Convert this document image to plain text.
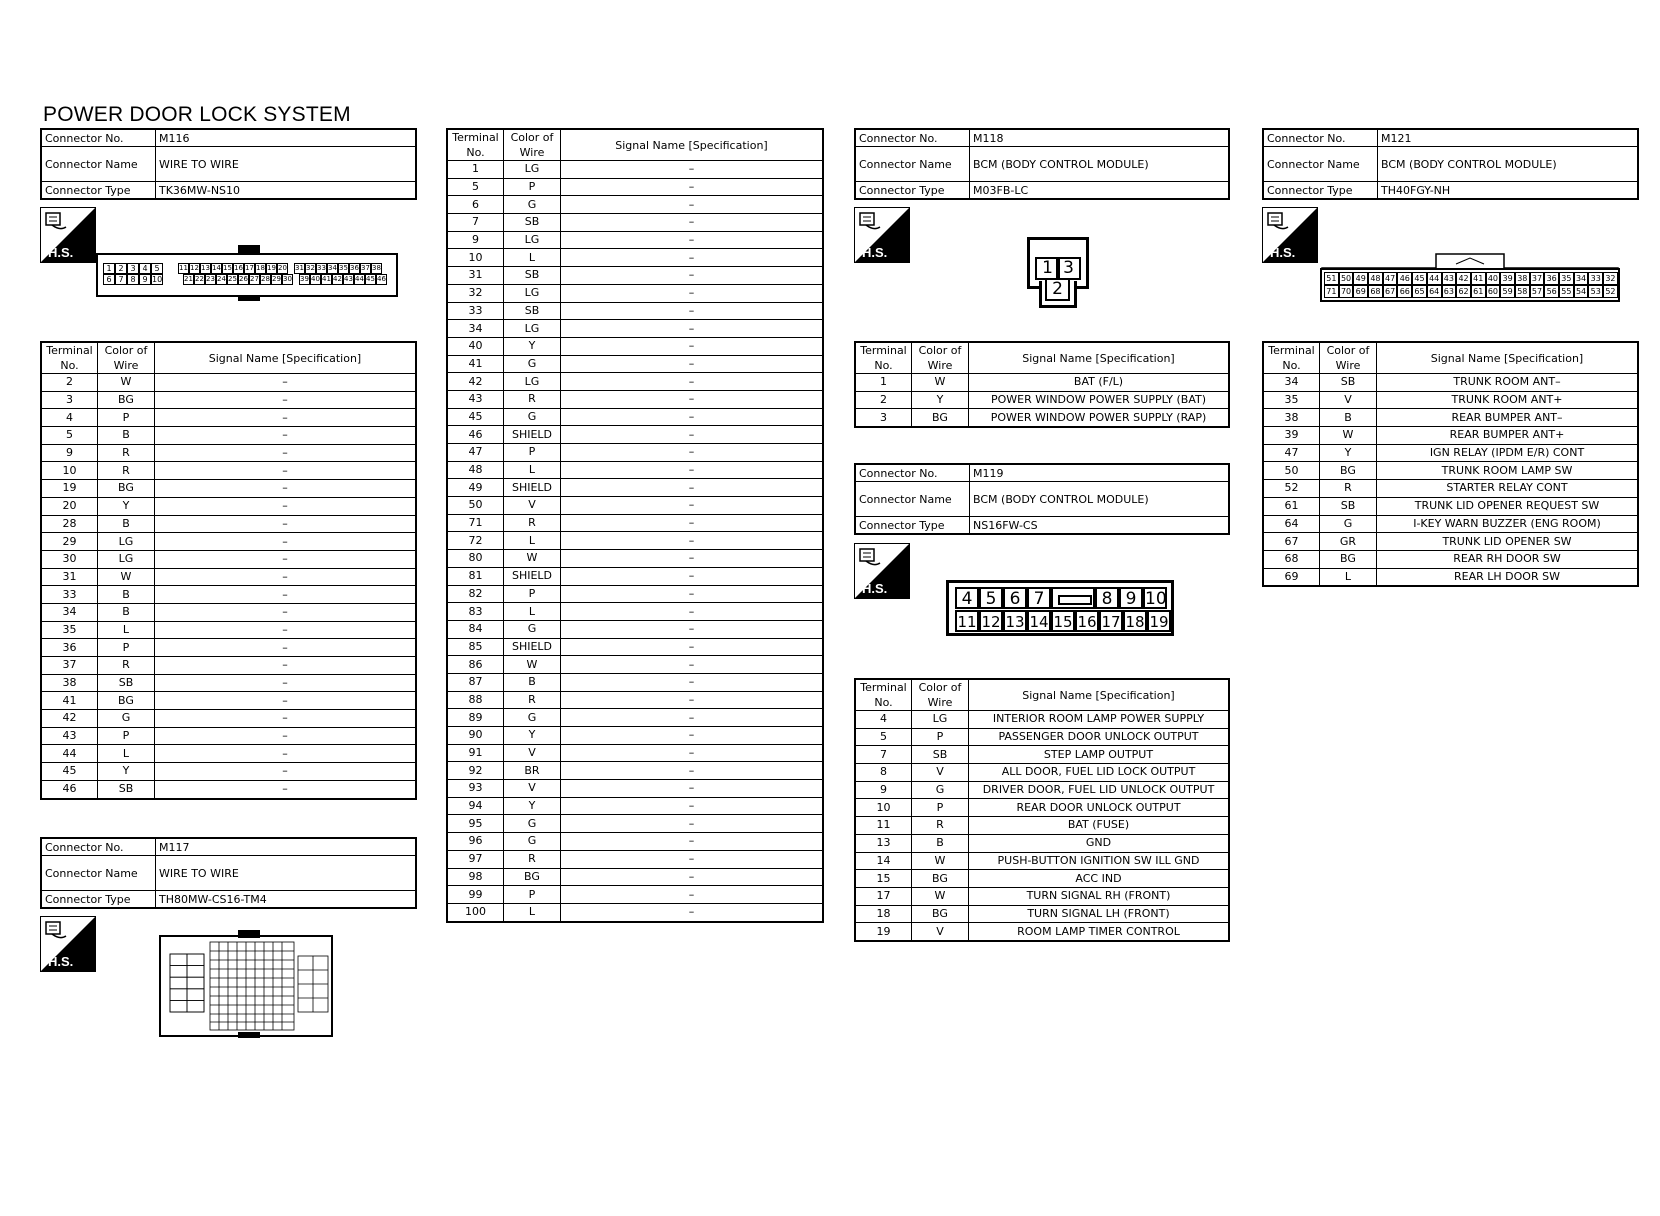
POWER DOOR LOCK SYSTEM
Connector No.	M116
Connector Name	WIRE TO WIRE
Connector Type	TK36MW-NS10
H.S.
1 2 3 4 5
6 7 8 9 10
11 12 13 14 15 16 17 18 19 20
21 22 23 24 25 26 27 28 29 30
31 32 33 34 35 36 37 38
39 40 41 42 43 44 45 46
Terminal No.	Color of Wire	Signal Name [Specification]
2	W	–
3	BG	–
4	P	–
5	B	–
9	R	–
10	R	–
19	BG	–
20	Y	–
28	B	–
29	LG	–
30	LG	–
31	W	–
33	B	–
34	B	–
35	L	–
36	P	–
37	R	–
38	SB	–
41	BG	–
42	G	–
43	P	–
44	L	–
45	Y	–
46	SB	–
Connector No.	M117
Connector Name	WIRE TO WIRE
Connector Type	TH80MW-CS16-TM4
H.S.
Terminal No.	Color of Wire	Signal Name [Specification]
1	LG	–
5	P	–
6	G	–
7	SB	–
9	LG	–
10	L	–
31	SB	–
32	LG	–
33	SB	–
34	LG	–
40	Y	–
41	G	–
42	LG	–
43	R	–
45	G	–
46	SHIELD	–
47	P	–
48	L	–
49	SHIELD	–
50	V	–
71	R	–
72	L	–
80	W	–
81	SHIELD	–
82	P	–
83	L	–
84	G	–
85	SHIELD	–
86	W	–
87	B	–
88	R	–
89	G	–
90	Y	–
91	V	–
92	BR	–
93	V	–
94	Y	–
95	G	–
96	G	–
97	R	–
98	BG	–
99	P	–
100	L	–
Connector No.	M118
Connector Name	BCM (BODY CONTROL MODULE)
Connector Type	M03FB-LC
H.S.
1 3
2
Terminal No.	Color of Wire	Signal Name [Specification]
1	W	BAT (F/L)
2	Y	POWER WINDOW POWER SUPPLY (BAT)
3	BG	POWER WINDOW POWER SUPPLY (RAP)
Connector No.	M119
Connector Name	BCM (BODY CONTROL MODULE)
Connector Type	NS16FW-CS
H.S.
4 5 6 7	8 9 10
11 12 13 14 15 16 17 18 19
Terminal No.	Color of Wire	Signal Name [Specification]
4	LG	INTERIOR ROOM LAMP POWER SUPPLY
5	P	PASSENGER DOOR UNLOCK OUTPUT
7	SB	STEP LAMP OUTPUT
8	V	ALL DOOR, FUEL LID LOCK OUTPUT
9	G	DRIVER DOOR, FUEL LID UNLOCK OUTPUT
10	P	REAR DOOR UNLOCK OUTPUT
11	R	BAT (FUSE)
13	B	GND
14	W	PUSH-BUTTON IGNITION SW ILL GND
15	BG	ACC IND
17	W	TURN SIGNAL RH (FRONT)
18	BG	TURN SIGNAL LH (FRONT)
19	V	ROOM LAMP TIMER CONTROL
Connector No.	M121
Connector Name	BCM (BODY CONTROL MODULE)
Connector Type	TH40FGY-NH
H.S.
51 50 49 48 47 46 45 44 43 42 41 40 39 38 37 36 35 34 33 32
71 70 69 68 67 66 65 64 63 62 61 60 59 58 57 56 55 54 53 52
Terminal No.	Color of Wire	Signal Name [Specification]
34	SB	TRUNK ROOM ANT–
35	V	TRUNK ROOM ANT+
38	B	REAR BUMPER ANT–
39	W	REAR BUMPER ANT+
47	Y	IGN RELAY (IPDM E/R) CONT
50	BG	TRUNK ROOM LAMP SW
52	R	STARTER RELAY CONT
61	SB	TRUNK LID OPENER REQUEST SW
64	G	I-KEY WARN BUZZER (ENG ROOM)
67	GR	TRUNK LID OPENER SW
68	BG	REAR RH DOOR SW
69	L	REAR LH DOOR SW
